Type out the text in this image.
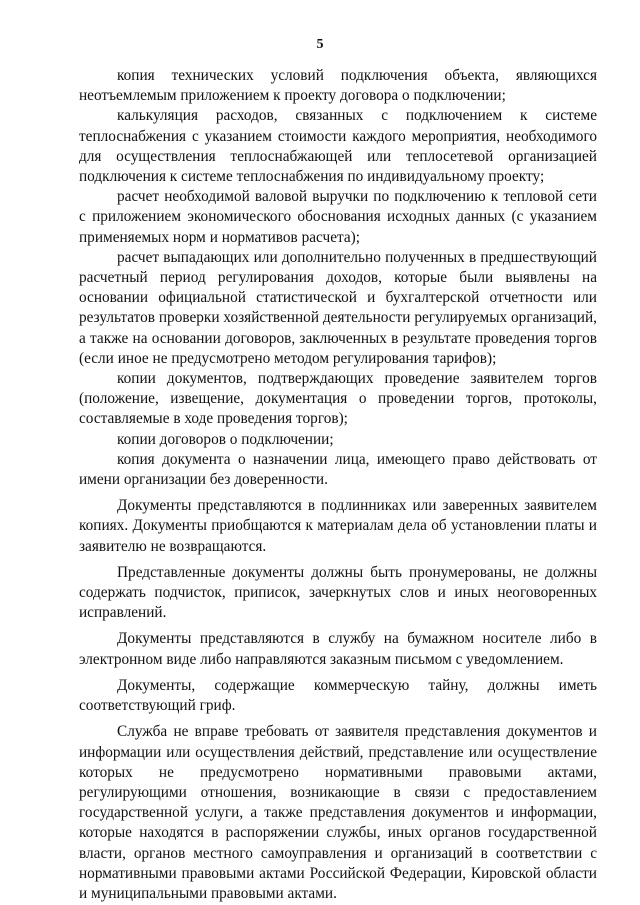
5

копия технических условий подключения объекта, являющихся неотъемлемым приложением к проекту договора о подключении;

калькуляция расходов, связанных с подключением к системе теплоснабжения с указанием стоимости каждого мероприятия, необходимого для осуществления теплоснабжающей или теплосетевой организацией подключения к системе теплоснабжения по индивидуальному проекту;

расчет необходимой валовой выручки по подключению к тепловой сети с приложением экономического обоснования исходных данных (с указанием применяемых норм и нормативов расчета);

расчет выпадающих или дополнительно полученных в предшествующий расчетный период регулирования доходов, которые были выявлены на основании официальной статистической и бухгалтерской отчетности или результатов проверки хозяйственной деятельности регулируемых организаций, а также на основании договоров, заключенных в результате проведения торгов (если иное не предусмотрено методом регулирования тарифов);

копии документов, подтверждающих проведение заявителем торгов (положение, извещение, документация о проведении торгов, протоколы, составляемые в ходе проведения торгов);

копии договоров о подключении;

копия документа о назначении лица, имеющего право действовать от имени организации без доверенности.

Документы представляются в подлинниках или заверенных заявителем копиях. Документы приобщаются к материалам дела об установлении платы и заявителю не возвращаются.

Представленные документы должны быть пронумерованы, не должны содержать подчисток, приписок, зачеркнутых слов и иных неоговоренных исправлений.

Документы представляются в службу на бумажном носителе либо в электронном виде либо направляются заказным письмом с уведомлением.

Документы, содержащие коммерческую тайну, должны иметь соответствующий гриф.

Служба не вправе требовать от заявителя представления документов и информации или осуществления действий, представление или осуществление которых не предусмотрено нормативными правовыми актами, регулирующими отношения, возникающие в связи с предоставлением государственной услуги, а также представления документов и информации, которые находятся в распоряжении службы, иных органов государственной власти, органов местного самоуправления и организаций в соответствии с нормативными правовыми актами Российской Федерации, Кировской области и муниципальными правовыми актами.
